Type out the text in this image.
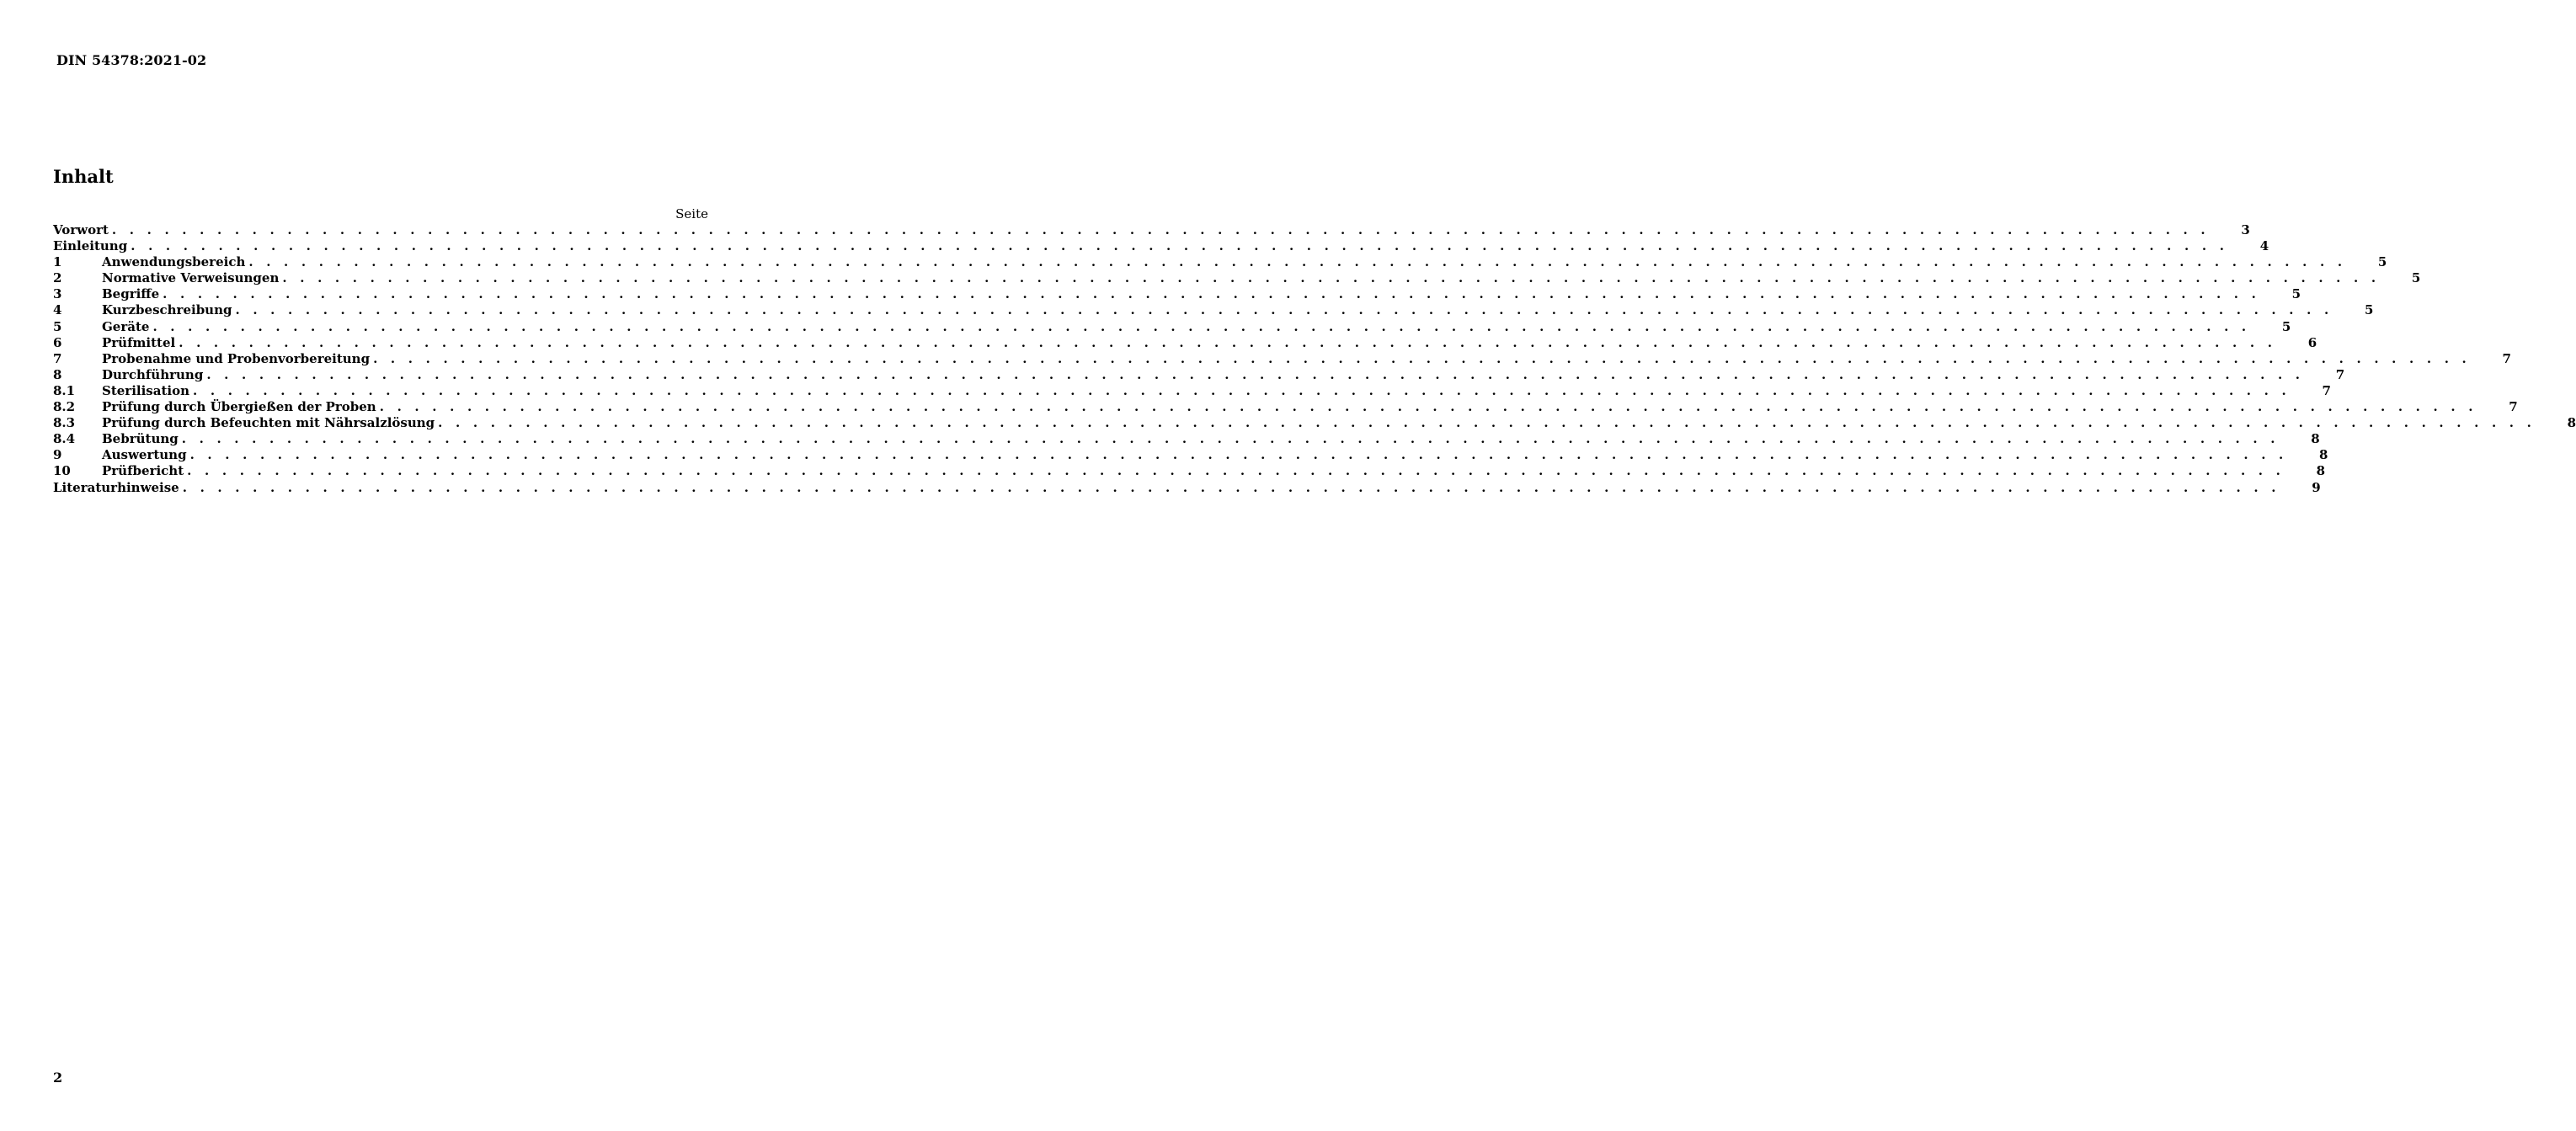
DIN 54378:2021-02
Inhalt
Seite
Vorwort . . . . . . . . . . . . . . . . . . . . . . . . . . . . . . . . . . . . . . . . . . . . . . . . . . . . . . . . . . . . . . . . . . . . . . . . . . . . . . . . . . . . . . . . . . . . . . . . . . . . . . . . . . . . . . . . . . . . . . . .	3
Einleitung . . . . . . . . . . . . . . . . . . . . . . . . . . . . . . . . . . . . . . . . . . . . . . . . . . . . . . . . . . . . . . . . . . . . . . . . . . . . . . . . . . . . . . . . . . . . . . . . . . . . . . . . . . . . . . . . . . . . . . . .	4
1	Anwendungsbereich . . . . . . . . . . . . . . . . . . . . . . . . . . . . . . . . . . . . . . . . . . . . . . . . . . . . . . . . . . . . . . . . . . . . . . . . . . . . . . . . . . . . . . . . . . . . . . . . . . . . . . . . . . . . . . . . . . . . . . . .	5
2	Normative Verweisungen . . . . . . . . . . . . . . . . . . . . . . . . . . . . . . . . . . . . . . . . . . . . . . . . . . . . . . . . . . . . . . . . . . . . . . . . . . . . . . . . . . . . . . . . . . . . . . . . . . . . . . . . . . . . . . . . . . . . . . . .	5
3	Begriffe . . . . . . . . . . . . . . . . . . . . . . . . . . . . . . . . . . . . . . . . . . . . . . . . . . . . . . . . . . . . . . . . . . . . . . . . . . . . . . . . . . . . . . . . . . . . . . . . . . . . . . . . . . . . . . . . . . . . . . . .	5
4	Kurzbeschreibung . . . . . . . . . . . . . . . . . . . . . . . . . . . . . . . . . . . . . . . . . . . . . . . . . . . . . . . . . . . . . . . . . . . . . . . . . . . . . . . . . . . . . . . . . . . . . . . . . . . . . . . . . . . . . . . . . . . . . . . .	5
5	Geräte . . . . . . . . . . . . . . . . . . . . . . . . . . . . . . . . . . . . . . . . . . . . . . . . . . . . . . . . . . . . . . . . . . . . . . . . . . . . . . . . . . . . . . . . . . . . . . . . . . . . . . . . . . . . . . . . . . . . . . . .	5
6	Prüfmittel . . . . . . . . . . . . . . . . . . . . . . . . . . . . . . . . . . . . . . . . . . . . . . . . . . . . . . . . . . . . . . . . . . . . . . . . . . . . . . . . . . . . . . . . . . . . . . . . . . . . . . . . . . . . . . . . . . . . . . . .	6
7	Probenahme und Probenvorbereitung . . . . . . . . . . . . . . . . . . . . . . . . . . . . . . . . . . . . . . . . . . . . . . . . . . . . . . . . . . . . . . . . . . . . . . . . . . . . . . . . . . . . . . . . . . . . . . . . . . . . . . . . . . . . . . . . . . . . . . . .	7
8	Durchführung . . . . . . . . . . . . . . . . . . . . . . . . . . . . . . . . . . . . . . . . . . . . . . . . . . . . . . . . . . . . . . . . . . . . . . . . . . . . . . . . . . . . . . . . . . . . . . . . . . . . . . . . . . . . . . . . . . . . . . . .	7
8.1	Sterilisation . . . . . . . . . . . . . . . . . . . . . . . . . . . . . . . . . . . . . . . . . . . . . . . . . . . . . . . . . . . . . . . . . . . . . . . . . . . . . . . . . . . . . . . . . . . . . . . . . . . . . . . . . . . . . . . . . . . . . . . .	7
8.2	Prüfung durch Übergießen der Proben . . . . . . . . . . . . . . . . . . . . . . . . . . . . . . . . . . . . . . . . . . . . . . . . . . . . . . . . . . . . . . . . . . . . . . . . . . . . . . . . . . . . . . . . . . . . . . . . . . . . . . . . . . . . . . . . . . . . . . . .	7
8.3	Prüfung durch Befeuchten mit Nährsalzlösung . . . . . . . . . . . . . . . . . . . . . . . . . . . . . . . . . . . . . . . . . . . . . . . . . . . . . . . . . . . . . . . . . . . . . . . . . . . . . . . . . . . . . . . . . . . . . . . . . . . . . . . . . . . . . . . . . . . . . . . .	8
8.4	Bebrütung . . . . . . . . . . . . . . . . . . . . . . . . . . . . . . . . . . . . . . . . . . . . . . . . . . . . . . . . . . . . . . . . . . . . . . . . . . . . . . . . . . . . . . . . . . . . . . . . . . . . . . . . . . . . . . . . . . . . . . . .	8
9	Auswertung . . . . . . . . . . . . . . . . . . . . . . . . . . . . . . . . . . . . . . . . . . . . . . . . . . . . . . . . . . . . . . . . . . . . . . . . . . . . . . . . . . . . . . . . . . . . . . . . . . . . . . . . . . . . . . . . . . . . . . . .	8
10	Prüfbericht . . . . . . . . . . . . . . . . . . . . . . . . . . . . . . . . . . . . . . . . . . . . . . . . . . . . . . . . . . . . . . . . . . . . . . . . . . . . . . . . . . . . . . . . . . . . . . . . . . . . . . . . . . . . . . . . . . . . . . . .	8
Literaturhinweise . . . . . . . . . . . . . . . . . . . . . . . . . . . . . . . . . . . . . . . . . . . . . . . . . . . . . . . . . . . . . . . . . . . . . . . . . . . . . . . . . . . . . . . . . . . . . . . . . . . . . . . . . . . . . . . . . . . . . . . .	9
2
